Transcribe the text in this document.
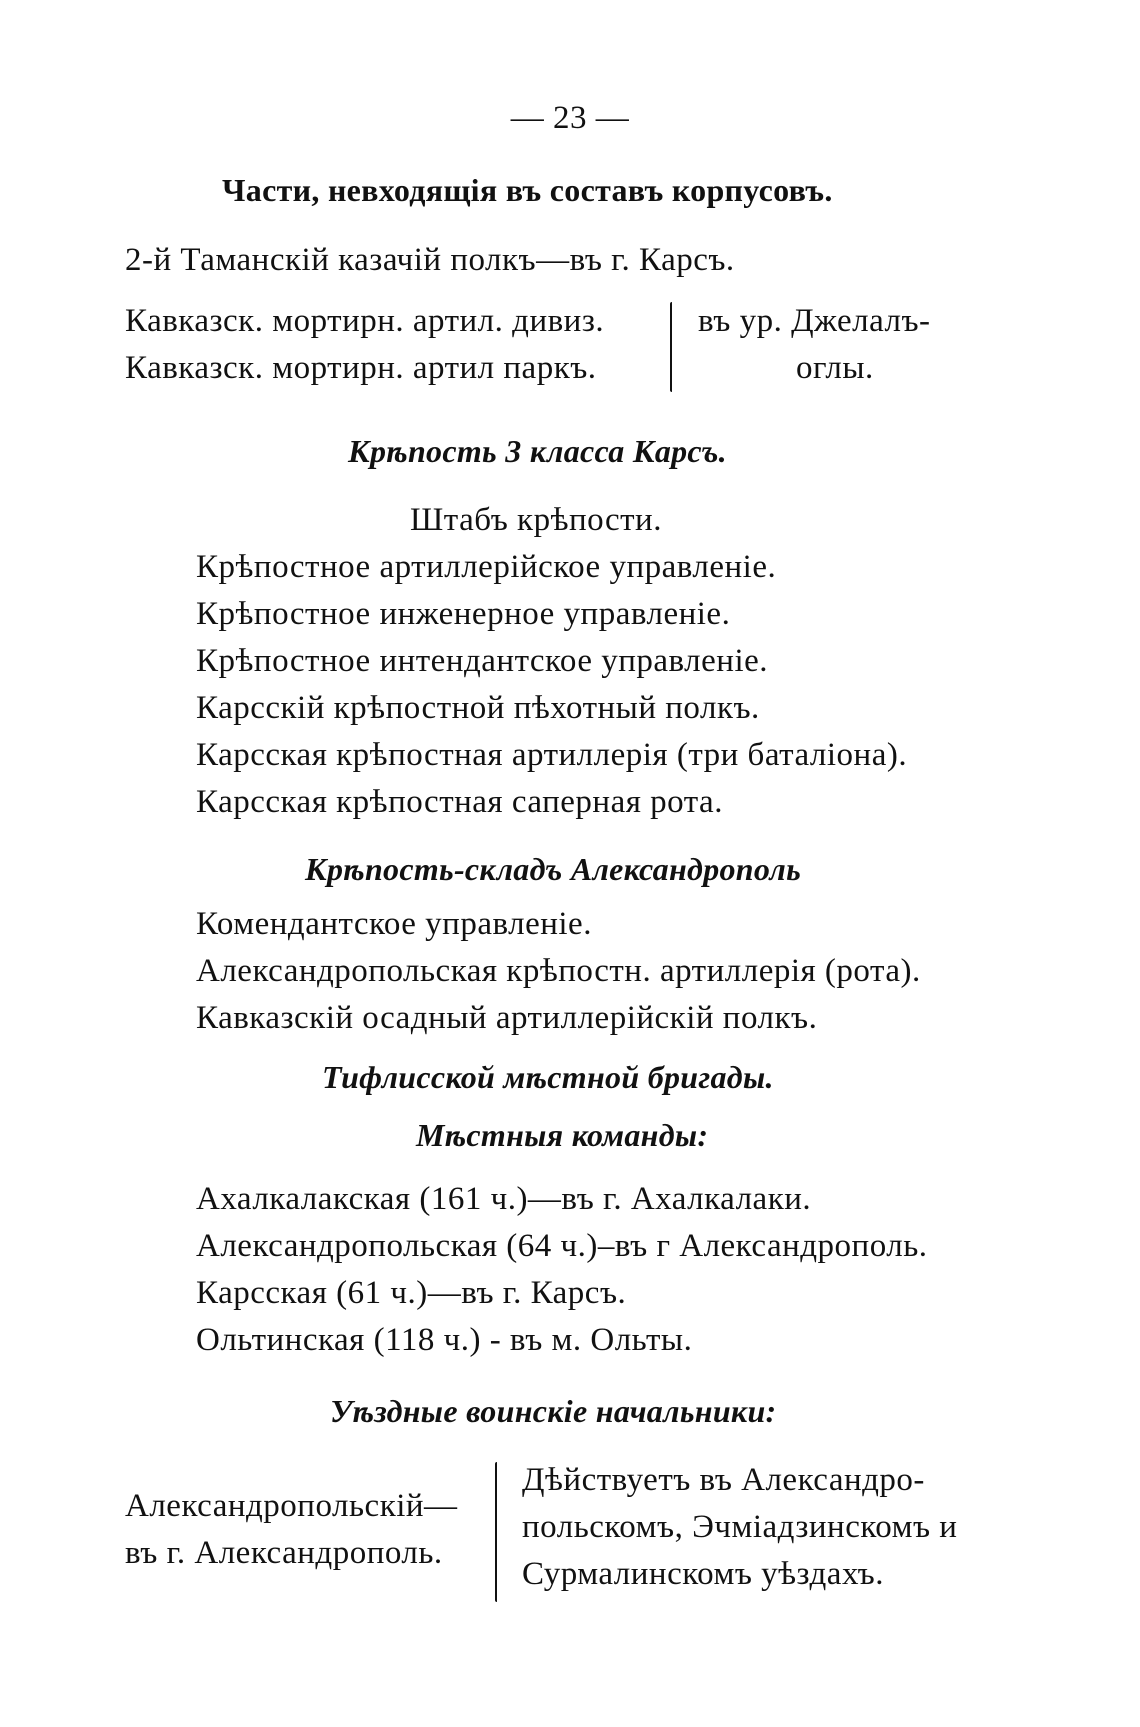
— 23 —
Части, невходящія въ составъ корпусовъ.
2-й Таманскій казачій полкъ—въ г. Карсъ.
Кавказск. мортирн. артил. дивиз.
Кавказск. мортирн. артил паркъ.
въ ур. Джелалъ-
оглы.
Крѣпость 3 класса Карсъ.
Штабъ крѣпости.
Крѣпостное артиллерійское управленіе.
Крѣпостное инженерное управленіе.
Крѣпостное интендантское управленіе.
Карсскій крѣпостной пѣхотный полкъ.
Карсская крѣпостная артиллерія (три баталіона).
Карсская крѣпостная саперная рота.
Крѣпость-складъ Александрополь
Комендантское управленіе.
Александропольская крѣпостн. артиллерія (рота).
Кавказскій осадный артиллерійскій полкъ.
Тифлисской мѣстной бригады.
Мѣстныя команды:
Ахалкалакская (161 ч.)—въ г. Ахалкалаки.
Александропольская (64 ч.)–въ г Александрополь.
Карсская (61 ч.)—въ г. Карсъ.
Ольтинская (118 ч.) - въ м. Ольты.
Уѣздные воинскіе начальники:
Александропольскій—
въ г. Александрополь.
Дѣйствуетъ въ Александро-
польскомъ, Эчміадзинскомъ и
Сурмалинскомъ уѣздахъ.
